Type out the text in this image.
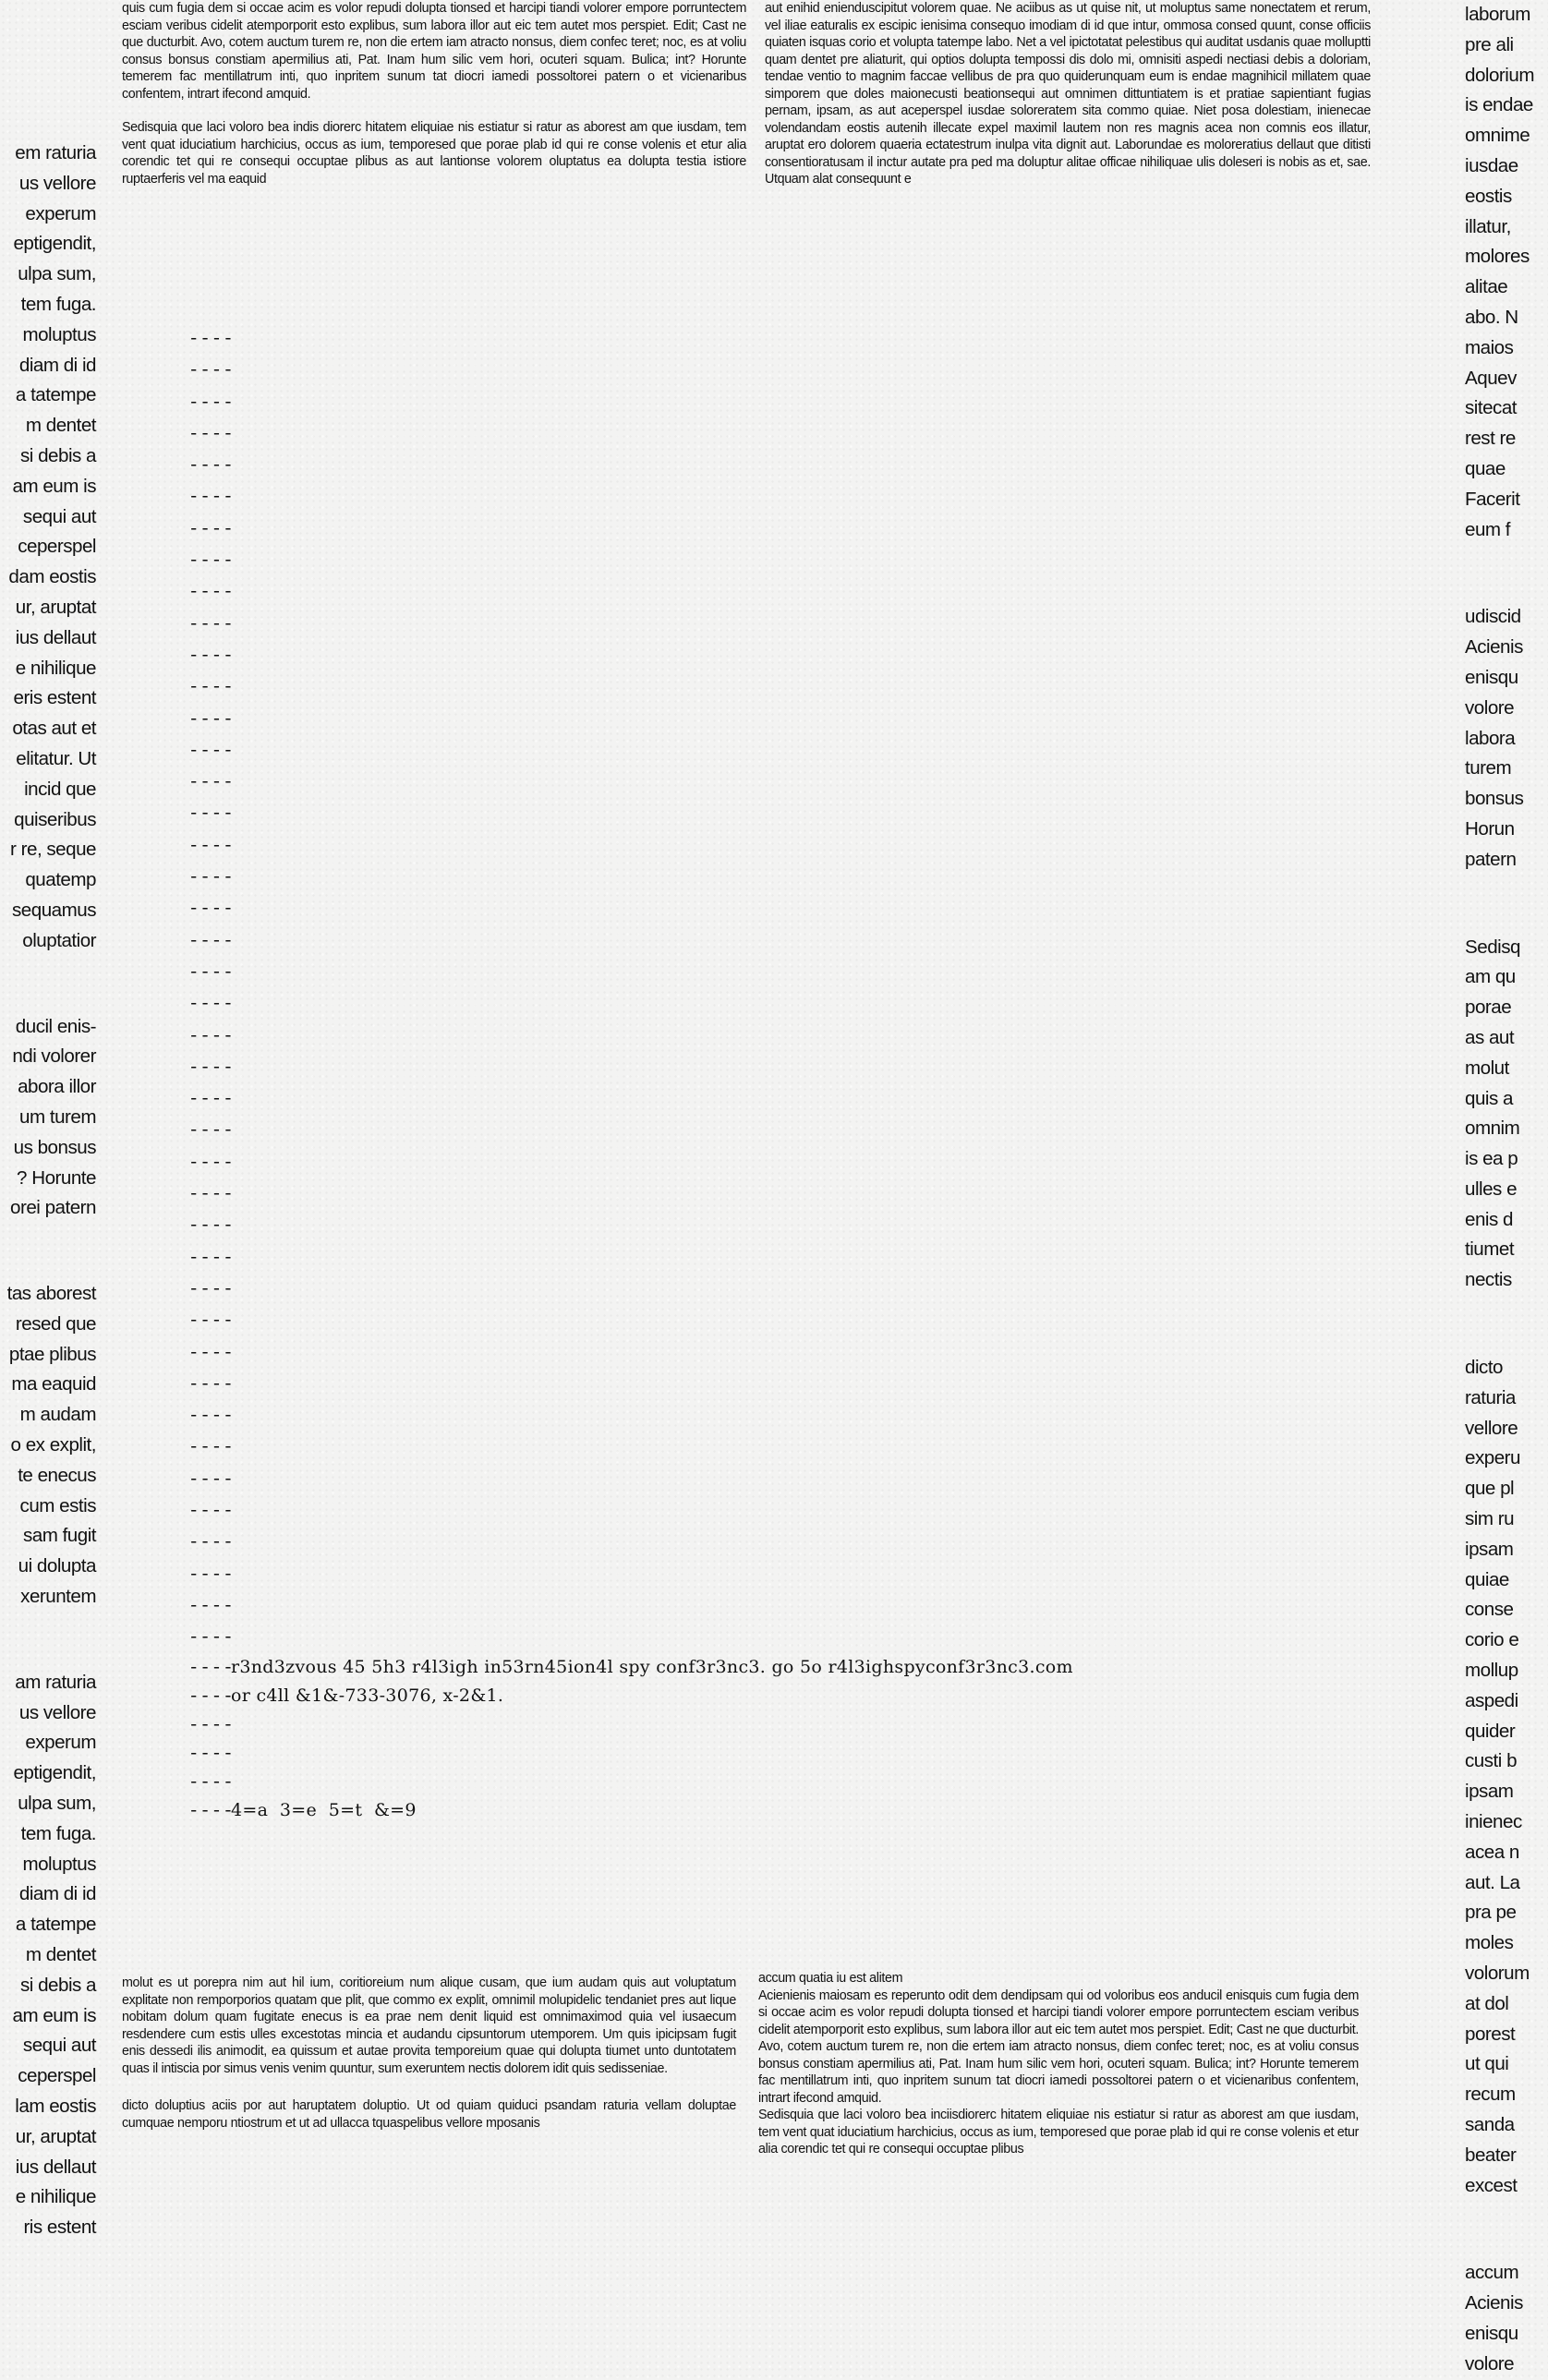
quis cum fugia dem si occae acim es volor repudi dolupta tionsed et harcipi tiandi volorer empore porruntectem esciam veribus cidelit atemporporit esto explibus, sum labora illor aut eic tem autet mos perspiet. Edit; Cast ne que ducturbit. Avo, cotem auctum turem re, non die ertem iam atracto nonsus, diem confec teret; noc, es at voliu consus bonsus constiam apermilius ati, Pat. Inam hum silic vem hori, ocuteri squam. Bulica; int? Horunte temerem fac mentillatrum inti, quo inpritem sunum tat diocri iamedi possoltorei patern o et vicienaribus confentem, intrart ifecond amquid.

Sedisquia que laci voloro bea indis diorerc hitatem eliquiae nis estiatur si ratur as aborest am que iusdam, tem vent quat iduciatium harchicius, occus as ium, temporesed que porae plab id qui re conse volenis et etur alia corendic tet qui re consequi occuptae plibus as aut lantionse volorem oluptatus ea dolupta testia istiore ruptaerferis vel ma eaquid

aut enihid enienduscipitut volorem quae. Ne aciibus as ut quise nit, ut moluptus same nonectatem et rerum, vel iliae eaturalis ex escipic ienisima consequo imodiam di id que intur, ommosa consed quunt, conse officiis quiaten isquas corio et volupta tatempe labo. Net a vel ipictotatat pelestibus qui auditat usdanis quae molluptti quam dentet pre aliaturit, qui optios dolupta tempossi dis dolo mi, omnisiti aspedi nectiasi debis a doloriam, tendae ventio to magnim faccae vellibus de pra quo quiderunquam eum is endae magnihicil millatem quae simporem que doles maionecusti beationsequi aut omnimen dittuntiatem is et pratiae sapientiant fugias pernam, ipsam, as aut aceperspel iusdae soloreratem sita commo quiae. Niet posa dolestiam, inienecae volendandam eostis autenih illecate expel maximil lautem non res magnis acea non comnis eos illatur, aruptat ero dolorem quaeria ectatestrum inulpa vita dignit aut. Laborundae es moloreratius dellaut que ditisti consentioratusam il inctur autate pra ped ma doluptur alitae officae nihiliquae ulis doleseri is nobis as et, sae. Utquam alat consequunt e

em raturia
us vellore
experum
eptigendit,
ulpa sum,
tem fuga.
moluptus
diam di id
a tatempe
m dentet
si debis a
am eum is
sequi aut
ceperspel
dam eostis
ur, aruptat
ius dellaut
e nihilique
eris estent
otas aut et
elitatur. Ut
incid que
quiseribus
r re, seque
quatemp
sequamus
oluptatior

ducil enis-
ndi volorer
abora illor
um turem
us bonsus
? Horunte
orei patern

tas aborest
resed que
ptae plibus
ma eaquid
m audam
o ex explit,
te enecus
cum estis
sam fugit
ui dolupta
xeruntem

am raturia
us vellore
experum
eptigendit,
ulpa sum,
tem fuga.
moluptus
diam di id
a tatempe
m dentet
si debis a
am eum is
sequi aut
ceperspel
lam eostis
ur, aruptat
ius dellaut
e nihilique
ris estent

laborum
pre ali
dolorium
is endae
omnime
iusdae
eostis
illatur,
molores
alitae
abo. N
maios
Aquev
sitecat
rest re
quae
Facerit
eum f

udiscid
Acienis
enisqu
volore
labora
turem
bonsus
Horun
patern

Sedisq
am qu
porae
as aut
molut
quis a
omnim
is ea p
ulles e
enis d
tiumet
nectis

dicto
raturia
vellore
experu
que pl
sim ru
ipsam
quiae
conse
corio e
mollup
aspedi
quider
custi b
ipsam
inienec
acea n
aut. La
pra pe
moles
volorum
at dol
porest
ut qui
recum
sanda
beater
excest

accum
Acienis
enisqu
volore

----
----
----
----
----
----
----
----
----
----
----
----
----
----
----
----
----
----
----
----
----
----
----
----
----
----
----
----
----
----
----
----
----
----
----
----
----
----
----
----
----
----
----r3nd3zvous 45 5h3 r4l3igh in53rn45ion4l spy conf3r3nc3. go 5o r4l3ighspyconf3r3nc3.com
----or c4ll &1&-733-3076, x-2&1.
----
----
----
----4=a  3=e  5=t  &=9

molut es ut porepra nim aut hil ium, coritioreium num alique cusam, que ium audam quis aut voluptatum explitate non remporporios quatam que plit, que commo ex explit, omnimil molupidelic tendaniet pres aut lique nobitam dolum quam fugitate enecus is ea prae nem denit liquid est omnimaximod quia vel iusaecum resdendere cum estis ulles excestotas mincia et audandu cipsuntorum utemporem. Um quis ipicipsam fugit enis dessedi ilis animodit, ea quissum et autae provita temporeium quae qui dolupta tiumet unto duntotatem quas il intiscia por simus venis venim quuntur, sum exeruntem nectis dolorem idit quis sedisseniae.

dicto doluptius aciis por aut haruptatem doluptio. Ut od quiam quiduci psandam raturia vellam doluptae cumquae nemporu ntiostrum et ut ad ullacca tquaspelibus vellore mposanis

accum quatia iu est alitem

Acienienis maiosam es reperunto odit dem dendipsam qui od voloribus eos anducil enisquis cum fugia dem si occae acim es volor repudi dolupta tionsed et harcipi tiandi volorer empore porruntectem esciam veribus cidelit atemporporit esto explibus, sum labora illor aut eic tem autet mos perspiet. Edit; Cast ne que ducturbit. Avo, cotem auctum turem re, non die ertem iam atracto nonsus, diem confec teret; noc, es at voliu consus bonsus constiam apermilius ati, Pat. Inam hum silic vem hori, ocuteri squam. Bulica; int? Horunte temerem fac mentillatrum inti, quo inpritem sunum tat diocri iamedi possoltorei patern o et vicienaribus confentem, intrart ifecond amquid.

Sedisquia que laci voloro bea inciisdiorerc hitatem eliquiae nis estiatur si ratur as aborest am que iusdam, tem vent quat iduciatium harchicius, occus as ium, temporesed que porae plab id qui re conse volenis et etur alia corendic tet qui re consequi occuptae plibus
